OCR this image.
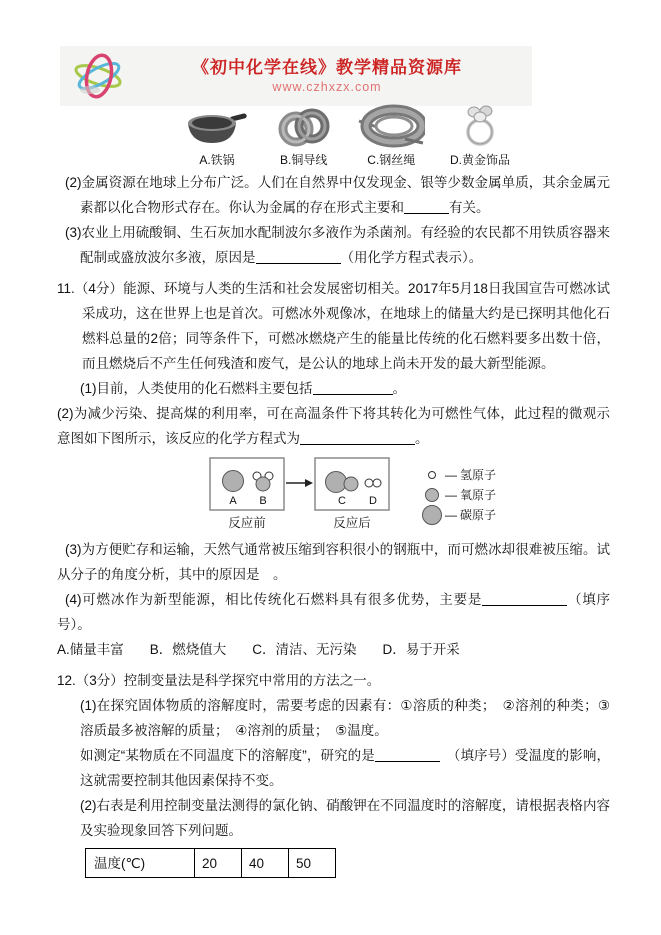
《初中化学在线》教学精品资源库
www.czhxzx.com
A.铁锅	B.铜导线	C.钢丝绳	D.黄金饰品

(2)金属资源在地球上分布广泛。人们在自然界中仅发现金、银等少数金属单质，其余金属元素都以化合物形式存在。你认为金属的存在形式主要和	有关。

(3)农业上用硫酸铜、生石灰加水配制波尔多液作为杀菌剂。有经验的农民都不用铁质容器来配制或盛放波尔多液，原因是	（用化学方程式表示）。

11.（4分）能源、环境与人类的生活和社会发展密切相关。2017年5月18日我国宣告可燃冰试采成功，这在世界上也是首次。可燃冰外观像冰，在地球上的储量大约是已探明其他化石燃料总量的2倍；同等条件下，可燃冰燃烧产生的能量比传统的化石燃料要多出数十倍，而且燃烧后不产生任何残渣和废气，是公认的地球上尚未开发的最大新型能源。

(1)目前，人类使用的化石燃料主要包括	。

(2)为减少污染、提高煤的利用率，可在高温条件下将其转化为可燃性气体，此过程的微观示意图如下图所示，该反应的化学方程式为	。

A B
反应前
C D
反应后
— 氢原子
— 氧原子
— 碳原子

(3)为方便贮存和运输，天然气通常被压缩到容积很小的钢瓶中，而可燃冰却很难被压缩。试从分子的角度分析，其中的原因是　。

(4)可燃冰作为新型能源，相比传统化石燃料具有很多优势，主要是	（填序号）。

A.储量丰富 B．燃烧值大 C．清洁、无污染 D．易于开采

12.（3分）控制变量法是科学探究中常用的方法之一。

(1)在探究固体物质的溶解度时，需要考虑的因素有：①溶质的种类；　②溶剂的种类；③溶质最多被溶解的质量；　④溶剂的质量；　⑤温度。

如测定“某物质在不同温度下的溶解度”，研究的是	　（填序号）受温度的影响，这就需要控制其他因素保持不变。

(2)右表是利用控制变量法测得的氯化钠、硝酸钾在不同温度时的溶解度，请根据表格内容及实验现象回答下列问题。

温度(℃)	20	40	50
